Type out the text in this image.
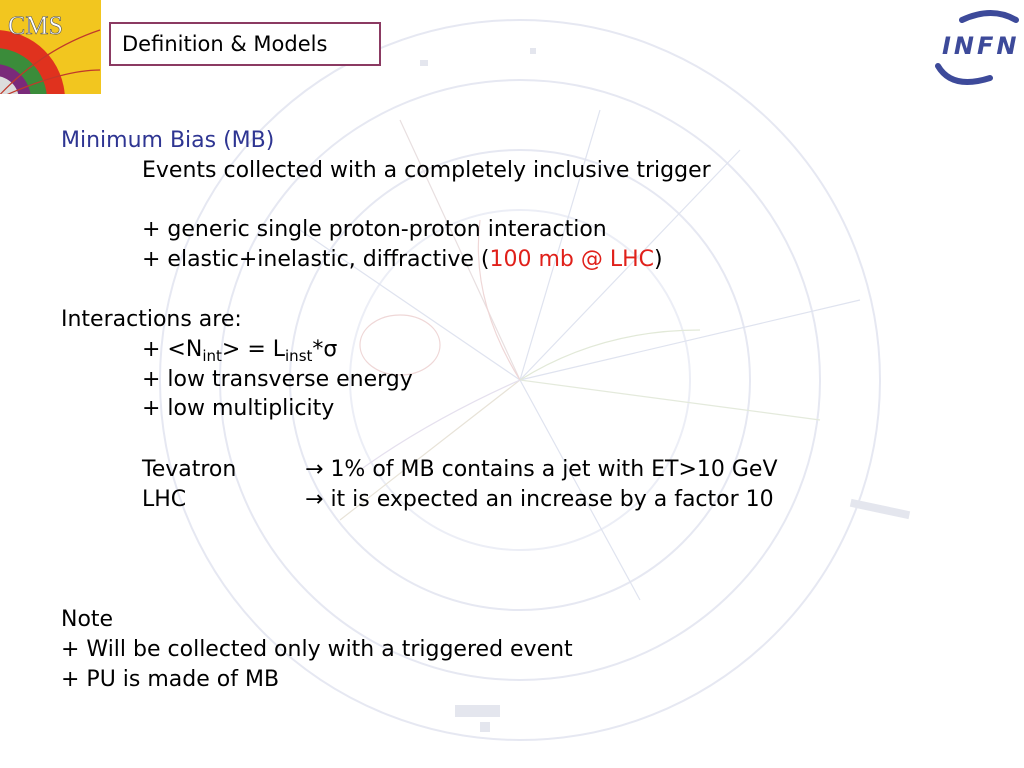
CMS
INFN
Definition & Models
Minimum Bias (MB)
Events collected with a completely inclusive trigger
+ generic single proton-proton interaction
+ elastic+inelastic, diffractive (100 mb @ LHC)
Interactions are:
+ $<N_{int}> = L_{inst}*\sigma$
+ low transverse energy
+ low multiplicity
Tevatron	→ 1% of MB contains a jet with ET>10 GeV
LHC	→ it is expected an increase by a factor 10
Note
+ Will be collected only with a triggered event
+ PU is made of MB
